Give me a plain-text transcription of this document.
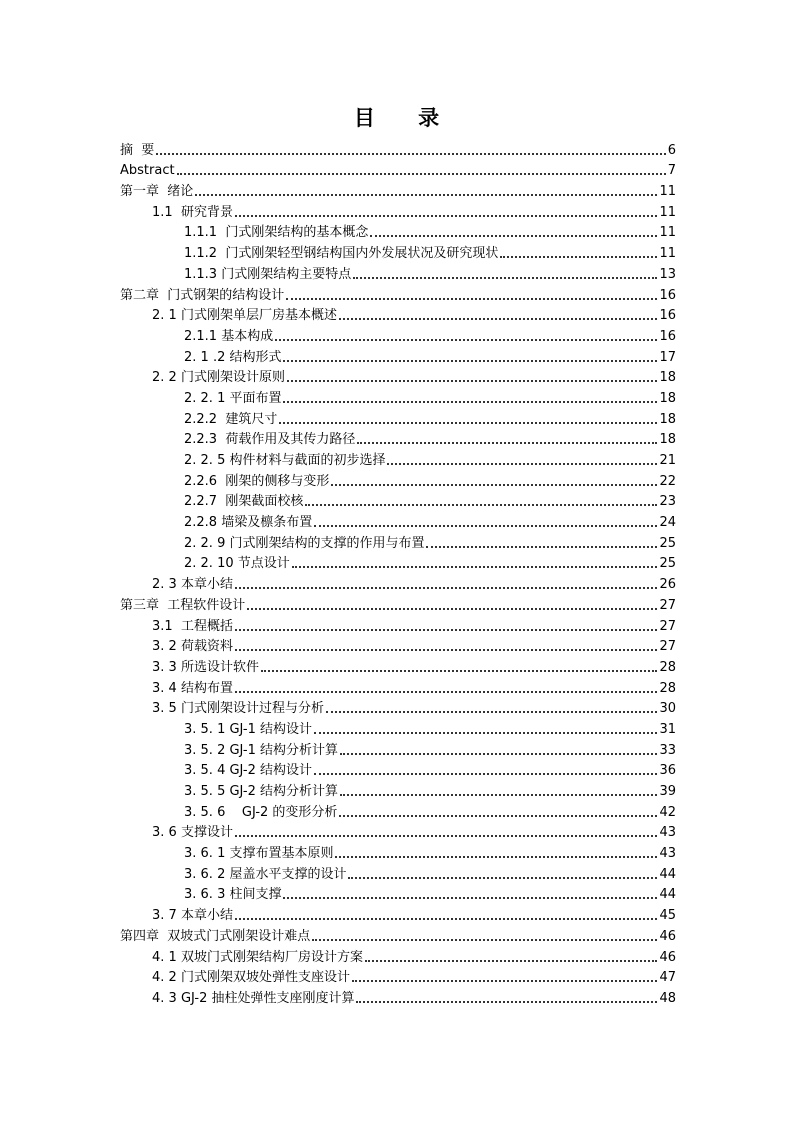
目 录
摘  要	6
Abstract	7
第一章  绪论	11
1.1  研究背景	11
1.1.1  门式刚架结构的基本概念	11
1.1.2  门式刚架轻型钢结构国内外发展状况及研究现状	11
1.1.3 门式刚架结构主要特点	13
第二章  门式钢架的结构设计	16
2. 1 门式刚架单层厂房基本概述	16
2.1.1 基本构成	16
2. 1 .2 结构形式	17
2. 2 门式刚架设计原则	18
2. 2. 1 平面布置	18
2.2.2  建筑尺寸	18
2.2.3  荷载作用及其传力路径	18
2. 2. 5 构件材料与截面的初步选择	21
2.2.6  刚架的侧移与变形	22
2.2.7  刚架截面校核	23
2.2.8 墙梁及檩条布置	24
2. 2. 9 门式刚架结构的支撑的作用与布置	25
2. 2. 10 节点设计	25
2. 3 本章小结	26
第三章  工程软件设计	27
3.1  工程概括	27
3. 2 荷载资料	27
3. 3 所选设计软件	28
3. 4 结构布置	28
3. 5 门式刚架设计过程与分析	30
3. 5. 1 GJ-1 结构设计	31
3. 5. 2 GJ-1 结构分析计算	33
3. 5. 4 GJ-2 结构设计	36
3. 5. 5 GJ-2 结构分析计算	39
3. 5. 6    GJ-2 的变形分析	42
3. 6 支撑设计	43
3. 6. 1 支撑布置基本原则	43
3. 6. 2 屋盖水平支撑的设计	44
3. 6. 3 柱间支撑	44
3. 7 本章小结	45
第四章  双坡式门式刚架设计难点	46
4. 1 双坡门式刚架结构厂房设计方案	46
4. 2 门式刚架双坡处弹性支座设计	47
4. 3 GJ-2 抽柱处弹性支座刚度计算	48
